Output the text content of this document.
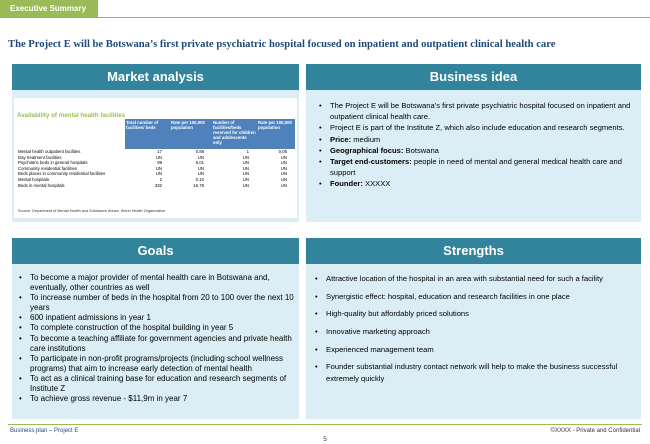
Executive Summary
The Project E will be Botswana’s first private psychiatric hospital focused on inpatient and outpatient clinical health care
Market analysis
Availability of mental health facilities
	Total number of facilities/ beds	Rate per 100,000 population	Number of facilities/beds reserved for children and adolescents only	Rate per 100,000 population
Mental health outpatient facilities	17	0.88	1	0.05
Day treatment facilities	UN	UN	UN	UN
Psychiatric beds in general hospitals	99	5.01	UN	UN
Community residential facilities	UN	UN	UN	UN
Beds places in community residential facilities	UN	UN	UN	UN
Mental hospitals	2	0.10	UN	UN
Beds in mental hospitals	332	16.79	UN	UN
Source: Department of Mental Health and Substance Abuse, World Health Organization
Business idea
• The Project E will be Botswana’s first private psychiatric hospital focused on inpatient and outpatient clinical health care.
• Project E is part of the Institute Z, which also include education and research segments.
• Price: medium
• Geographical focus: Botswana
• Target end-customers: people in need of mental and general medical health care and support
• Founder: XXXXX
Goals
• To become a major provider of mental health care in Botswana and, eventually, other countries as well
• To increase number of beds in the hospital from 20 to 100 over the next 10 years
• 600 inpatient admissions in year 1
• To complete construction of the hospital building in year 5
• To become a teaching affiliate for government agencies and private health care institutions
• To participate in non-profit programs/projects (including school wellness programs) that aim to increase early detection of mental health
• To act as a clinical training base for education and research segments of Institute Z
• To achieve gross revenue - $11,9m in year 7
Strengths
• Attractive location of the hospital in an area with substantial need for such a facility
• Synergistic effect: hospital, education and research facilities in one place
• High-quality but affordably priced solutions
• Innovative marketing approach
• Experienced management team
• Founder substantial industry contact network will help to make the business successful extremely quickly
Business plan – Project E	©XXXX - Private and Confidential
5
